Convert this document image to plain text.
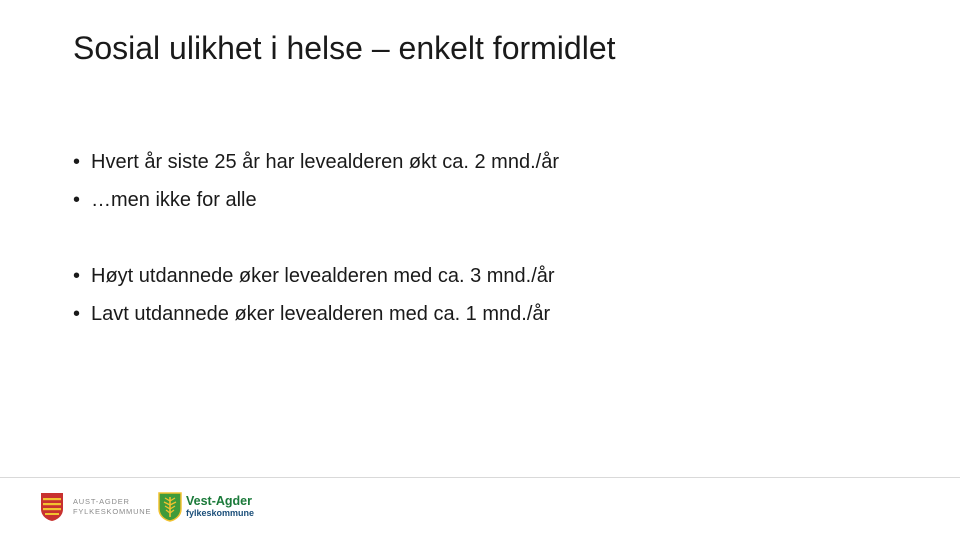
Sosial ulikhet i helse – enkelt formidlet
• Hvert år siste 25 år har levealderen økt ca. 2 mnd./år
• …men ikke for alle
• Høyt utdannede øker levealderen med ca. 3 mnd./år
• Lavt utdannede øker levealderen med ca. 1 mnd./år
AUST-AGDER
FYLKESKOMMUNE
Vest-Agder
fylkeskommune
